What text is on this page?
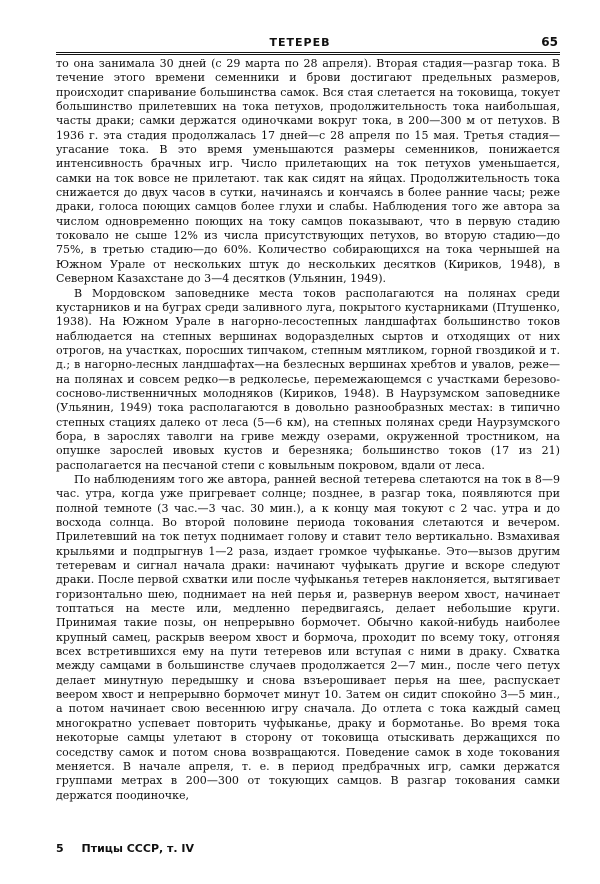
ТЕТЕРЕВ	65

то она занимала 30 дней (с 29 марта по 28 апреля). Вторая стадия—разгар тока. В течение этого времени семенники и брови достигают предельных размеров, происходит спаривание большинства самок. Вся стая слетается на токовища, токует большинство прилетевших на тока петухов, продолжительность тока наибольшая, часты драки; самки держатся одиночками вокруг тока, в 200—300 м от петухов. В 1936 г. эта стадия продолжалась 17 дней—с 28 апреля по 15 мая. Третья стадия—угасание тока. В это время уменьшаются размеры семенников, понижается интенсивность брачных игр. Число прилетающих на ток петухов уменьшается, самки на ток вовсе не прилетают. так как сидят на яйцах. Продолжительность тока снижается до двух часов в сутки, начинаясь и кончаясь в более ранние часы; реже драки, голоса поющих самцов более глухи и слабы. Наблюдения того же автора за числом одновременно поющих на току самцов показывают, что в первую стадию токовало не сыше 12% из числа присутствующих петухов, во вторую стадию—до 75%, в третью стадию—до 60%. Количество собирающихся на тока чернышей на Южном Урале от нескольких штук до нескольких десятков (Кириков, 1948), в Северном Казахстане до 3—4 десятков (Ульянин, 1949).

В Мордовском заповеднике места токов располагаются на полянах среди кустарников и на буграх среди заливного луга, покрытого кустарниками (Птушенко, 1938). На Южном Урале в нагорно-лесостепных ландшафтах большинство токов наблюдается на степных вершинах водоразделных сыртов и отходящих от них отрогов, на участках, поросших типчаком, степным мятликом, горной гвоздикой и т. д.; в нагорно-лесных ландшафтах—на безлесных вершинах хребтов и увалов, реже—на полянах и совсем редко—в редколесье, перемежающемся с участками березово-сосново-лиственничных молодняков (Кириков, 1948). В Наурзумском заповеднике (Ульянин, 1949) тока располагаются в довольно разнообразных местах: в типично степных стациях далеко от леса (5—6 км), на степных полянах среди Наурзумского бора, в зарослях таволги на гриве между озерами, окруженной тростником, на опушке зарослей ивовых кустов и березняка; большинство токов (17 из 21) располагается на песчаной степи с ковыльным покровом, вдали от леса.

По наблюдениям того же автора, ранней весной тетерева слетаются на ток в 8—9 час. утра, когда уже пригревает солнце; позднее, в разгар тока, появляются при полной темноте (3 час.—3 час. 30 мин.), а к концу мая токуют с 2 час. утра и до восхода солнца. Во второй половине периода токования слетаются и вечером. Прилетевший на ток петух поднимает голову и ставит тело вертикально. Взмахивая крыльями и подпрыгнув 1—2 раза, издает громкое чуфыканье. Это—вызов другим тетеревам и сигнал начала драки: начинают чуфыкать другие и вскоре следуют драки. После первой схватки или после чуфыканья тетерев наклоняется, вытягивает горизонтально шею, поднимает на ней перья и, развернув веером хвост, начинает топтаться на месте или, медленно передвигаясь, делает небольшие круги. Принимая такие позы, он непрерывно бормочет. Обычно какой-нибудь наиболее крупный самец, раскрыв веером хвост и бормоча, проходит по всему току, отгоняя всех встретившихся ему на пути тетеревов или вступая с ними в драку. Схватка между самцами в большинстве случаев продолжается 2—7 мин., после чего петух делает минутную передышку и снова взъерошивает перья на шее, распускает веером хвост и непрерывно бормочет минут 10. Затем он сидит спокойно 3—5 мин., а потом начинает свою весеннюю игру сначала. До отлета с тока каждый самец многократно успевает повторить чуфыканье, драку и бормотанье. Во время тока некоторые самцы улетают в сторону от токовища отыскивать держащихся по соседству самок и потом снова возвращаются. Поведение самок в ходе токования меняется. В начале апреля, т. е. в период предбрачных игр, самки держатся группами метрах в 200—300 от токующих самцов. В разгар токования самки держатся поодиночке,

5 Птицы СССР, т. IV
